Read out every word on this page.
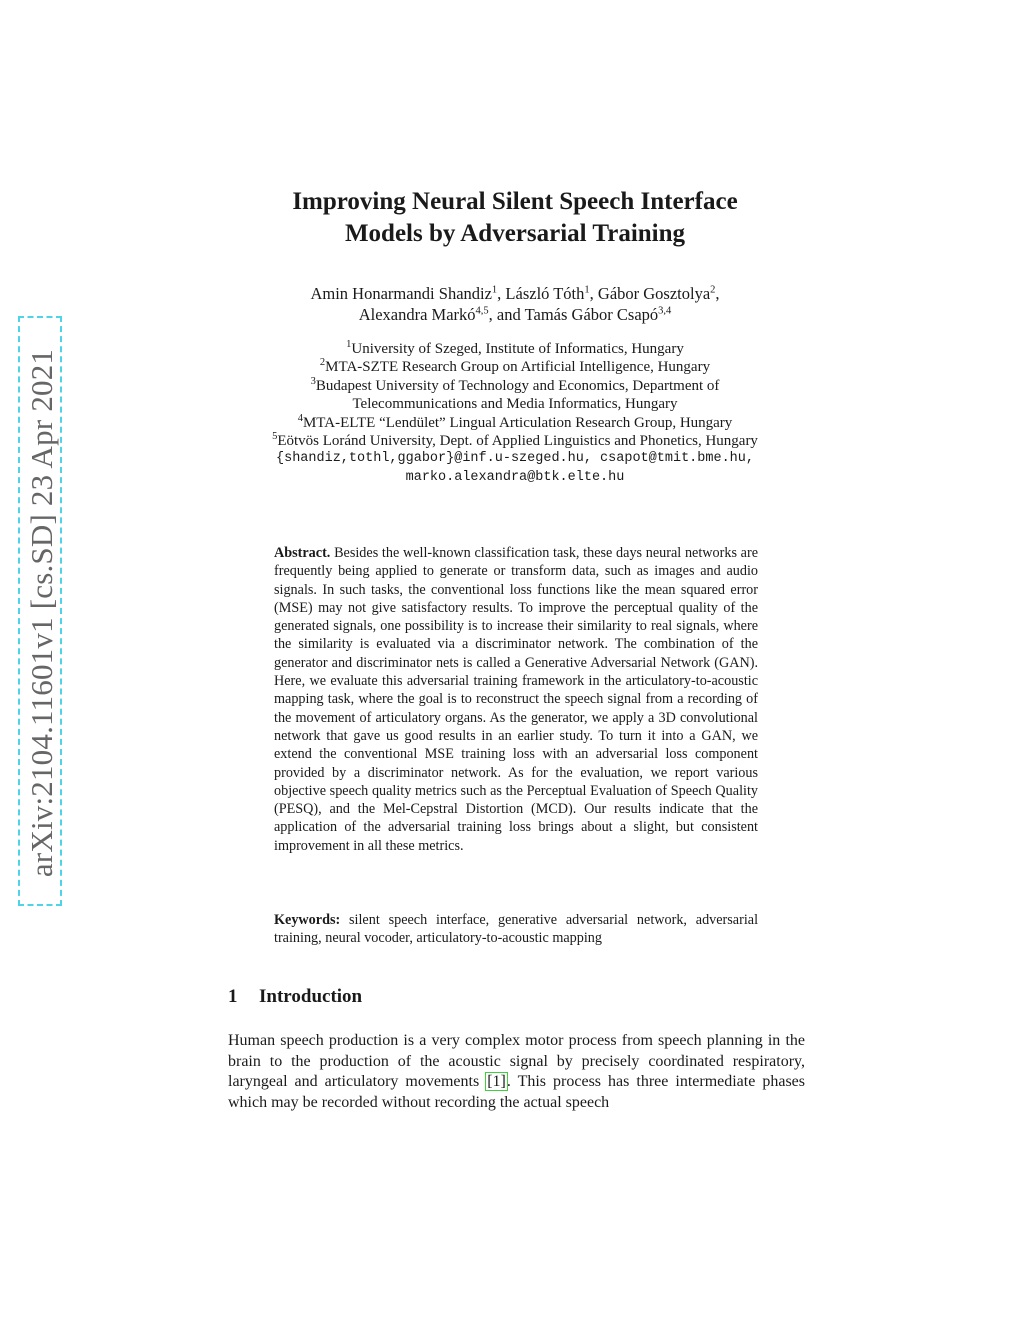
arXiv:2104.11601v1 [cs.SD] 23 Apr 2021
Improving Neural Silent Speech Interface
Models by Adversarial Training
Amin Honarmandi Shandiz$^1$, László Tóth$^1$, Gábor Gosztolya$^2$,
Alexandra Markó$^{4,5}$, and Tamás Gábor Csapó$^{3,4}$
$^1$University of Szeged, Institute of Informatics, Hungary
$^2$MTA-SZTE Research Group on Artificial Intelligence, Hungary
$^3$Budapest University of Technology and Economics, Department of
Telecommunications and Media Informatics, Hungary
$^4$MTA-ELTE “Lendület” Lingual Articulation Research Group, Hungary
$^5$Eötvös Loránd University, Dept. of Applied Linguistics and Phonetics, Hungary
{shandiz,tothl,ggabor}@inf.u-szeged.hu, csapot@tmit.bme.hu,
marko.alexandra@btk.elte.hu
Abstract. Besides the well-known classification task, these days neural networks are frequently being applied to generate or transform data, such as images and audio signals. In such tasks, the conventional loss functions like the mean squared error (MSE) may not give satisfactory results. To improve the perceptual quality of the generated signals, one possibility is to increase their similarity to real signals, where the similarity is evaluated via a discriminator network. The combination of the generator and discriminator nets is called a Generative Adversarial Network (GAN). Here, we evaluate this adversarial training framework in the articulatory-to-acoustic mapping task, where the goal is to reconstruct the speech signal from a recording of the movement of articulatory organs. As the generator, we apply a 3D convolutional network that gave us good results in an earlier study. To turn it into a GAN, we extend the conventional MSE training loss with an adversarial loss component provided by a discriminator network. As for the evaluation, we report various objective speech quality metrics such as the Perceptual Evaluation of Speech Quality (PESQ), and the Mel-Cepstral Distortion (MCD). Our results indicate that the application of the adversarial training loss brings about a slight, but consistent improvement in all these metrics.
Keywords: silent speech interface, generative adversarial network, adversarial training, neural vocoder, articulatory-to-acoustic mapping
1 Introduction
Human speech production is a very complex motor process from speech planning in the brain to the production of the acoustic signal by precisely coordinated respiratory, laryngeal and articulatory movements [1]. This process has three intermediate phases which may be recorded without recording the actual speech
